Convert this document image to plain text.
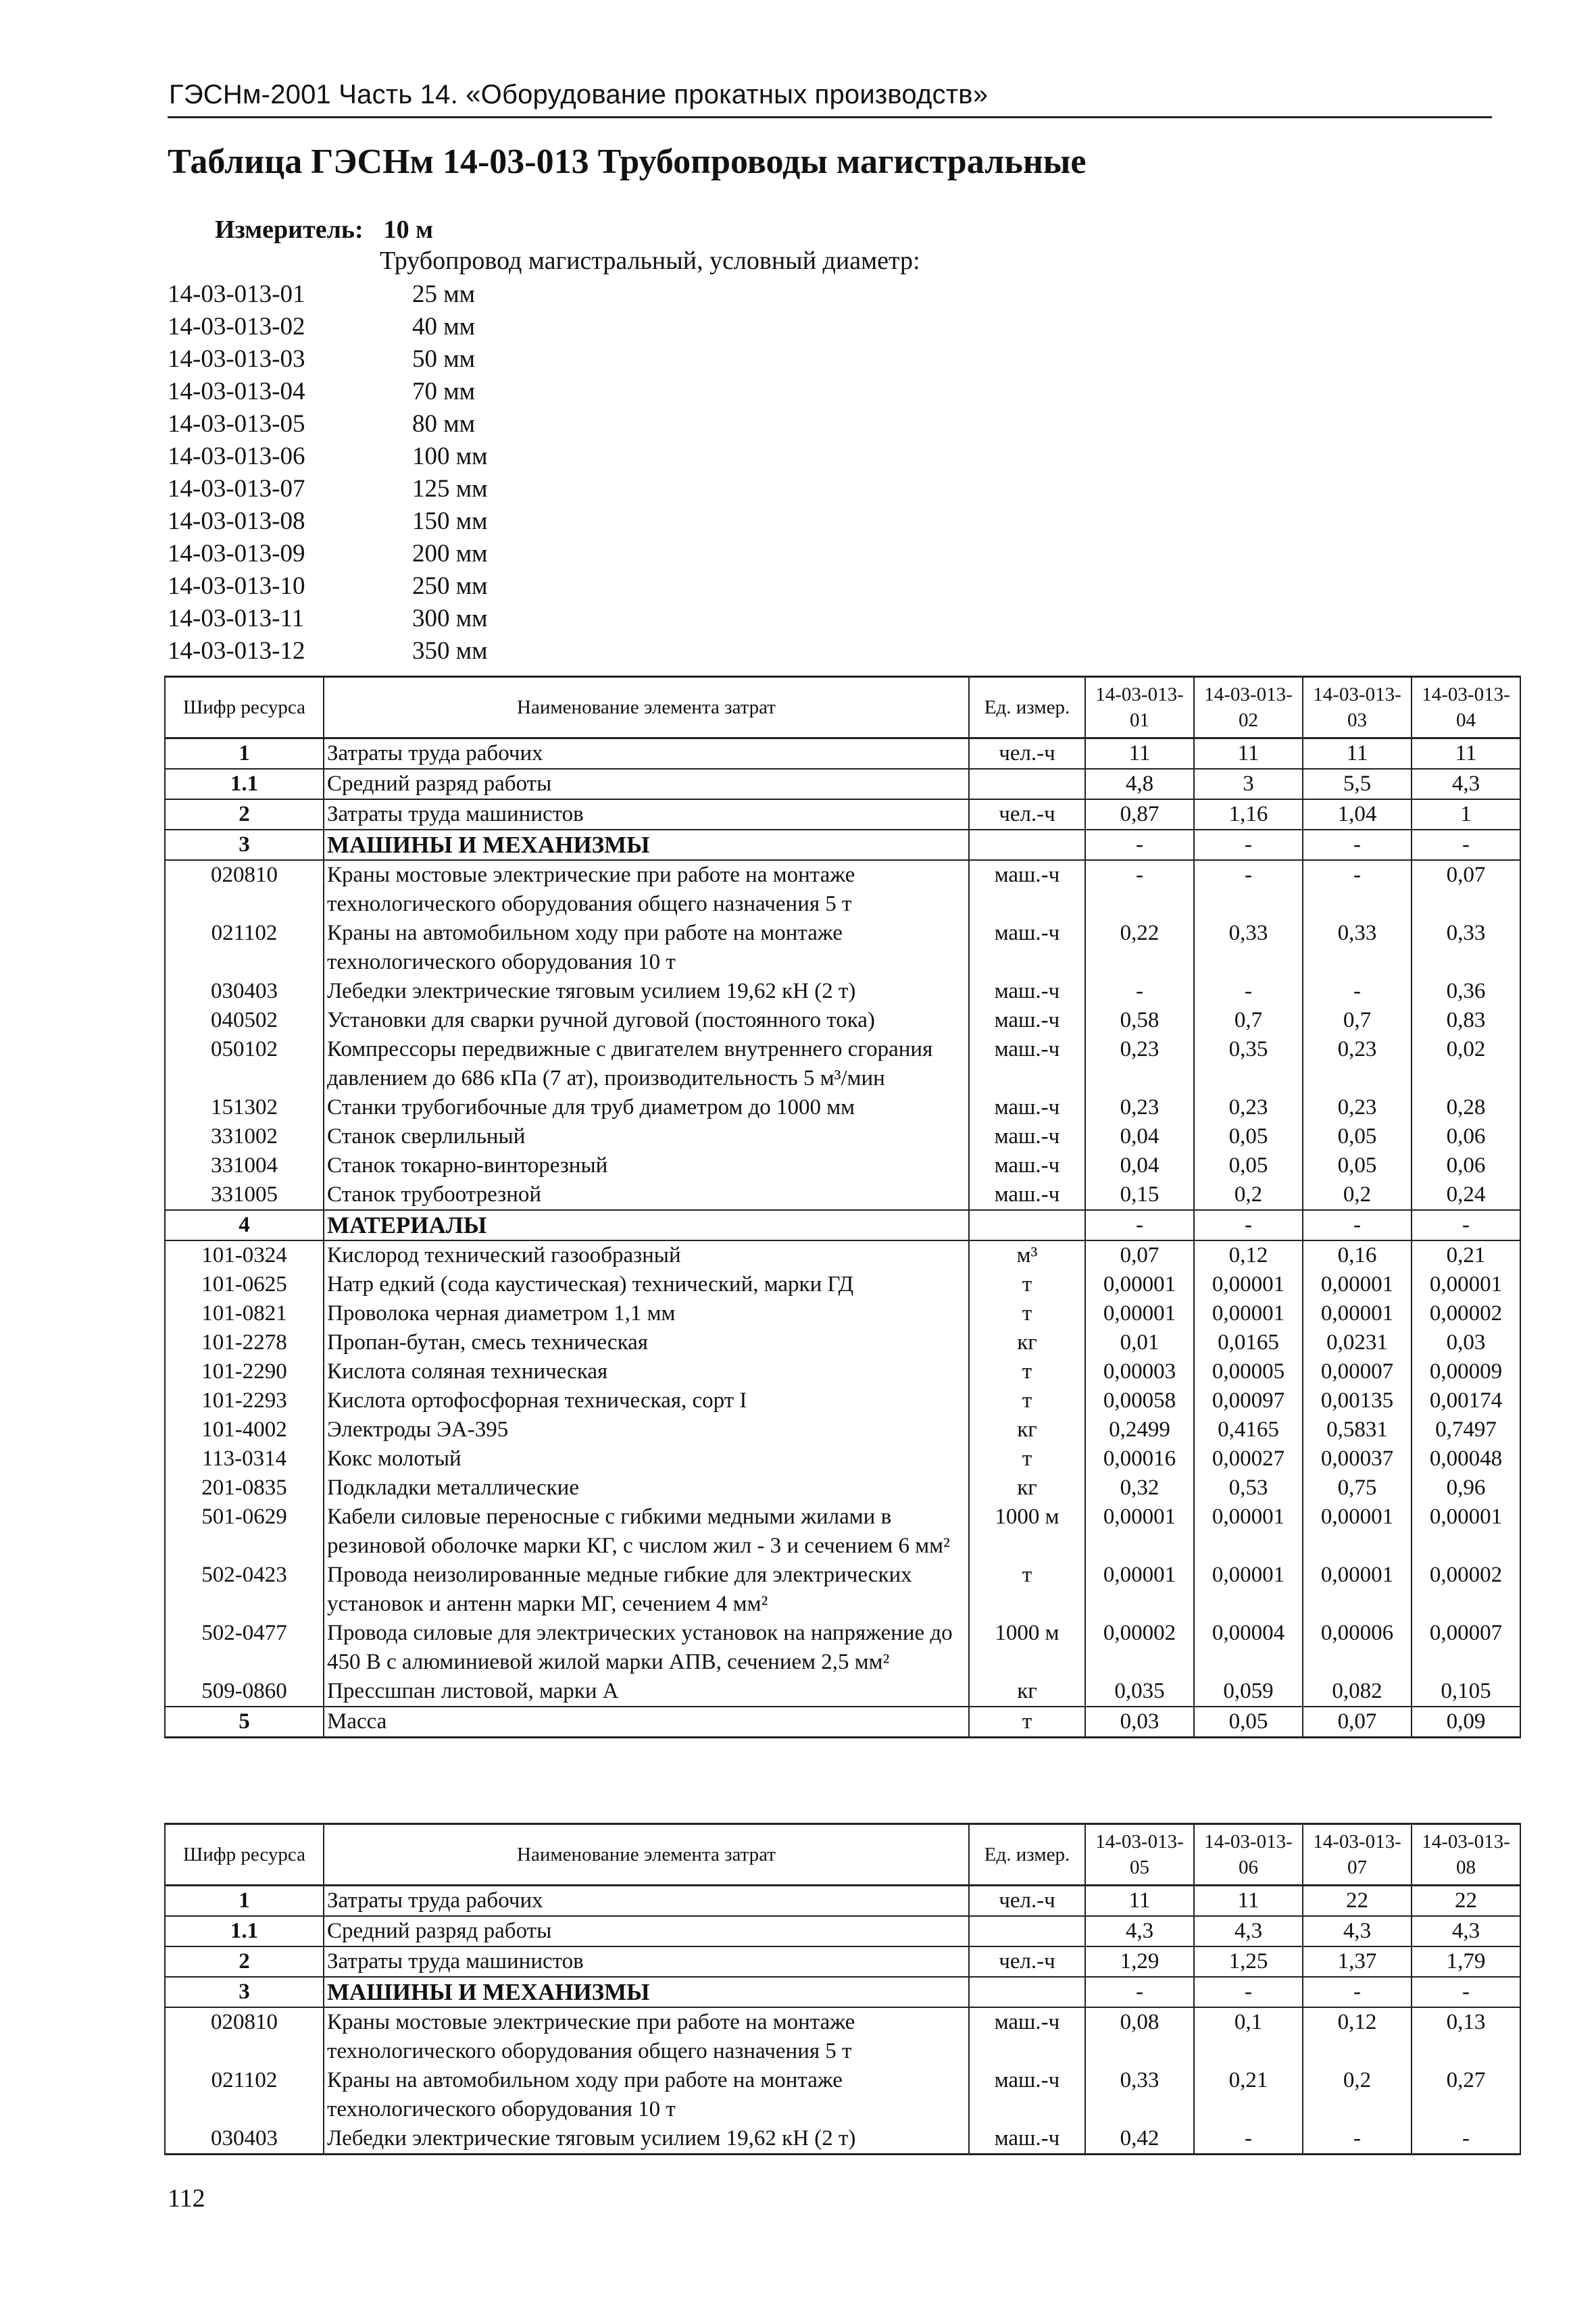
ГЭСНм-2001 Часть 14. «Оборудование прокатных производств»
Таблица ГЭСНм 14-03-013 Трубопроводы магистральные
Измеритель: 10 м
Трубопровод магистральный, условный диаметр:
14-03-013-01	25 мм
14-03-013-02	40 мм
14-03-013-03	50 мм
14-03-013-04	70 мм
14-03-013-05	80 мм
14-03-013-06	100 мм
14-03-013-07	125 мм
14-03-013-08	150 мм
14-03-013-09	200 мм
14-03-013-10	250 мм
14-03-013-11	300 мм
14-03-013-12	350 мм
Шифр ресурса	Наименование элемента затрат	Ед. измер.	14-03-013-01	14-03-013-02	14-03-013-03	14-03-013-04
1	Затраты труда рабочих	чел.-ч	11	11	11	11
1.1	Средний разряд работы		4,8	3	5,5	4,3
2	Затраты труда машинистов	чел.-ч	0,87	1,16	1,04	1
3	МАШИНЫ И МЕХАНИЗМЫ		-	-	-	-
020810	Краны мостовые электрические при работе на монтаже технологического оборудования общего назначения 5 т	маш.-ч	-	-	-	0,07
021102	Краны на автомобильном ходу при работе на монтаже технологического оборудования 10 т	маш.-ч	0,22	0,33	0,33	0,33
030403	Лебедки электрические тяговым усилием 19,62 кН (2 т)	маш.-ч	-	-	-	0,36
040502	Установки для сварки ручной дуговой (постоянного тока)	маш.-ч	0,58	0,7	0,7	0,83
050102	Компрессоры передвижные с двигателем внутреннего сгорания давлением до 686 кПа (7 ат), производительность 5 м³/мин	маш.-ч	0,23	0,35	0,23	0,02
151302	Станки трубогибочные для труб диаметром до 1000 мм	маш.-ч	0,23	0,23	0,23	0,28
331002	Станок сверлильный	маш.-ч	0,04	0,05	0,05	0,06
331004	Станок токарно-винторезный	маш.-ч	0,04	0,05	0,05	0,06
331005	Станок трубоотрезной	маш.-ч	0,15	0,2	0,2	0,24
4	МАТЕРИАЛЫ		-	-	-	-
101-0324	Кислород технический газообразный	м³	0,07	0,12	0,16	0,21
101-0625	Натр едкий (сода каустическая) технический, марки ГД	т	0,00001	0,00001	0,00001	0,00001
101-0821	Проволока черная диаметром 1,1 мм	т	0,00001	0,00001	0,00001	0,00002
101-2278	Пропан-бутан, смесь техническая	кг	0,01	0,0165	0,0231	0,03
101-2290	Кислота соляная техническая	т	0,00003	0,00005	0,00007	0,00009
101-2293	Кислота ортофосфорная техническая, сорт I	т	0,00058	0,00097	0,00135	0,00174
101-4002	Электроды ЭА-395	кг	0,2499	0,4165	0,5831	0,7497
113-0314	Кокс молотый	т	0,00016	0,00027	0,00037	0,00048
201-0835	Подкладки металлические	кг	0,32	0,53	0,75	0,96
501-0629	Кабели силовые переносные с гибкими медными жилами в резиновой оболочке марки КГ, с числом жил - 3 и сечением 6 мм²	1000 м	0,00001	0,00001	0,00001	0,00001
502-0423	Провода неизолированные медные гибкие для электрических установок и антенн марки МГ, сечением 4 мм²	т	0,00001	0,00001	0,00001	0,00002
502-0477	Провода силовые для электрических установок на напряжение до 450 В с алюминиевой жилой марки АПВ, сечением 2,5 мм²	1000 м	0,00002	0,00004	0,00006	0,00007
509-0860	Прессшпан листовой, марки А	кг	0,035	0,059	0,082	0,105
5	Масса	т	0,03	0,05	0,07	0,09
Шифр ресурса	Наименование элемента затрат	Ед. измер.	14-03-013-05	14-03-013-06	14-03-013-07	14-03-013-08
1	Затраты труда рабочих	чел.-ч	11	11	22	22
1.1	Средний разряд работы		4,3	4,3	4,3	4,3
2	Затраты труда машинистов	чел.-ч	1,29	1,25	1,37	1,79
3	МАШИНЫ И МЕХАНИЗМЫ		-	-	-	-
020810	Краны мостовые электрические при работе на монтаже технологического оборудования общего назначения 5 т	маш.-ч	0,08	0,1	0,12	0,13
021102	Краны на автомобильном ходу при работе на монтаже технологического оборудования 10 т	маш.-ч	0,33	0,21	0,2	0,27
030403	Лебедки электрические тяговым усилием 19,62 кН (2 т)	маш.-ч	0,42	-	-	-
112
